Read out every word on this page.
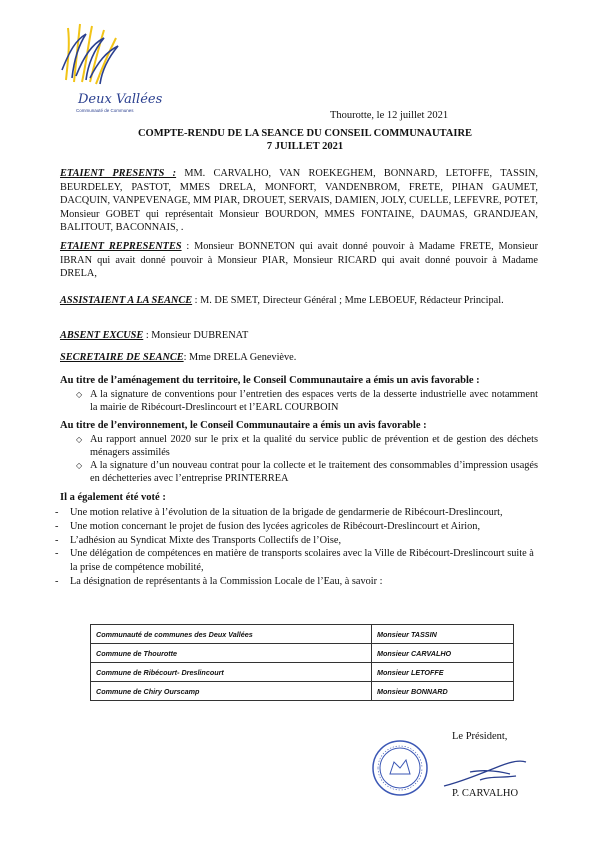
Deux Vallées
Communauté de Communes	Thourotte, le 12 juillet 2021
COMPTE-RENDU DE LA SEANCE DU CONSEIL COMMUNAUTAIRE
7 JUILLET 2021
ETAIENT PRESENTS : MM. CARVALHO, VAN ROEKEGHEM, BONNARD, LETOFFE, TASSIN, BEURDELEY, PASTOT, MMES DRELA, MONFORT, VANDENBROM, FRETE, PIHAN GAUMET, DACQUIN, VANPEVENAGE, MM PIAR, DROUET, SERVAIS, DAMIEN, JOLY, CUELLE, LEFEVRE, POTET, Monsieur GOBET qui représentait Monsieur BOURDON, MMES FONTAINE, DAUMAS, GRANDJEAN, BALITOUT, BACONNAIS, .
ETAIENT REPRESENTES : Monsieur BONNETON qui avait donné pouvoir à Madame FRETE, Monsieur IBRAN qui avait donné pouvoir à Monsieur PIAR, Monsieur RICARD qui avait donné pouvoir à Madame DRELA,
ASSISTAIENT A LA SEANCE : M. DE SMET, Directeur Général ; Mme LEBOEUF, Rédacteur Principal.
ABSENT EXCUSE : Monsieur DUBRENAT
SECRETAIRE DE SEANCE: Mme DRELA Geneviève.
Au titre de l’aménagement du territoire, le Conseil Communautaire a émis un avis favorable :
◇ A la signature de conventions pour l’entretien des espaces verts de la desserte industrielle avec notamment la mairie de Ribécourt-Dreslincourt et l’EARL COURBOIN
Au titre de l’environnement, le Conseil Communautaire a émis un avis favorable :
◇ Au rapport annuel 2020 sur le prix et la qualité du service public de prévention et de gestion des déchets ménagers assimilés
◇ A la signature d’un nouveau contrat pour la collecte et le traitement des consommables d’impression usagés en déchetteries avec l’entreprise PRINTERREA
Il a également été voté :
- Une motion relative à l’évolution de la situation de la brigade de gendarmerie de Ribécourt-Dreslincourt,
- Une motion concernant le projet de fusion des lycées agricoles de Ribécourt-Dreslincourt et Airion,
- L’adhésion au Syndicat Mixte des Transports Collectifs de l’Oise,
- Une délégation de compétences en matière de transports scolaires avec la Ville de Ribécourt-Dreslincourt suite à la prise de compétence mobilité,
- La désignation de représentants à la Commission Locale de l’Eau, à savoir :
Communauté de communes des Deux Vallées	Monsieur TASSIN
Commune de Thourotte	Monsieur CARVALHO
Commune de Ribécourt- Dreslincourt	Monsieur LETOFFE
Commune de Chiry Ourscamp	Monsieur BONNARD
Le Président,
P. CARVALHO
